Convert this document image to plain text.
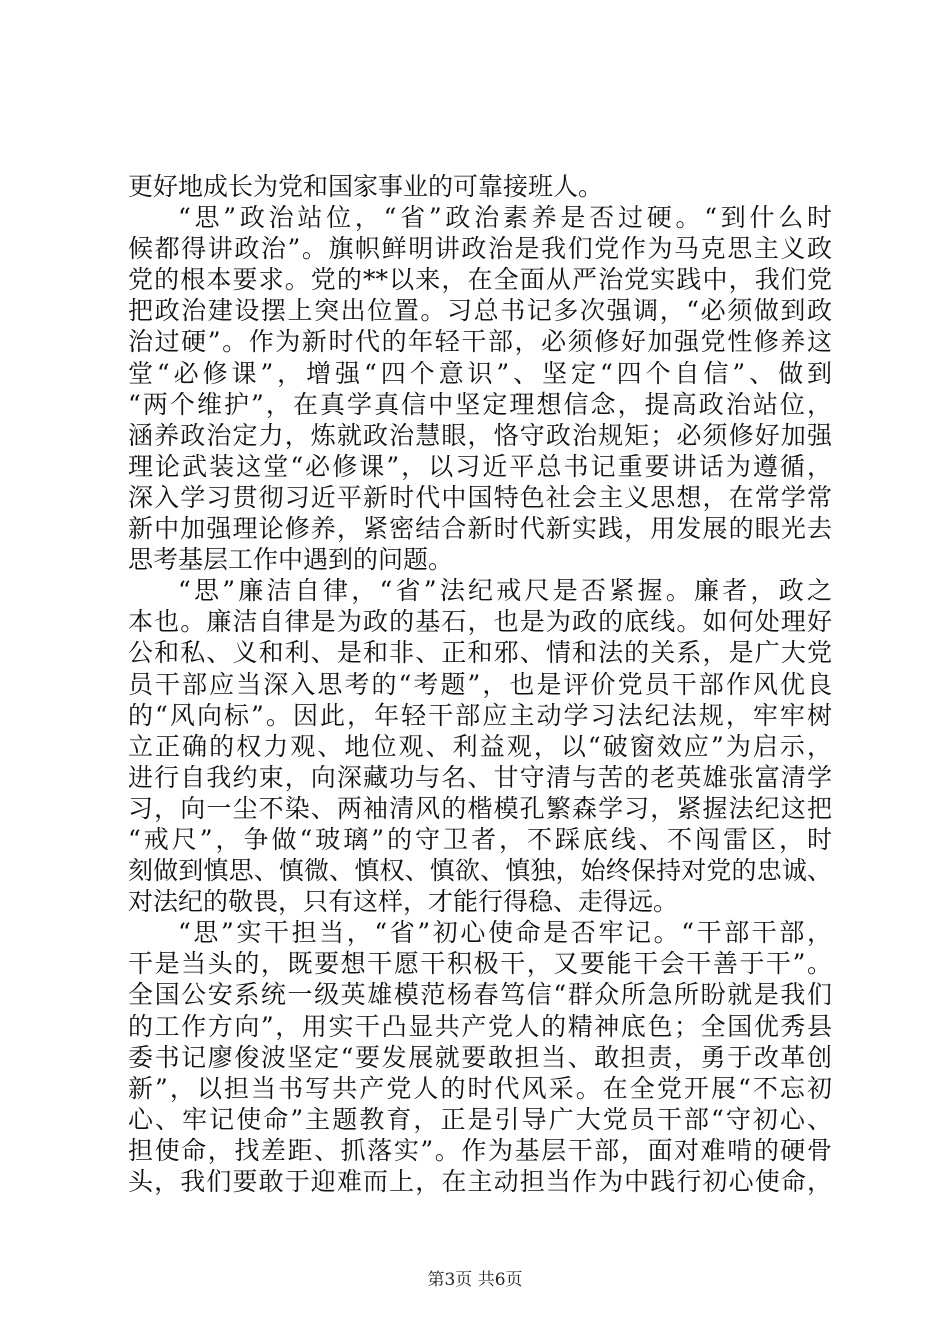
更好地成长为党和国家事业的可靠接班人。
“思”政治站位，“省”政治素养是否过硬。“到什么时
候都得讲政治”。旗帜鲜明讲政治是我们党作为马克思主义政
党的根本要求。党的**以来，在全面从严治党实践中，我们党
把政治建设摆上突出位置。习总书记多次强调，“必须做到政
治过硬”。作为新时代的年轻干部，必须修好加强党性修养这
堂“必修课”，增强“四个意识”、坚定“四个自信”、做到
“两个维护”，在真学真信中坚定理想信念，提高政治站位，
涵养政治定力，炼就政治慧眼，恪守政治规矩；必须修好加强
理论武装这堂“必修课”，以习近平总书记重要讲话为遵循，
深入学习贯彻习近平新时代中国特色社会主义思想，在常学常
新中加强理论修养，紧密结合新时代新实践，用发展的眼光去
思考基层工作中遇到的问题。
“思”廉洁自律，“省”法纪戒尺是否紧握。廉者，政之
本也。廉洁自律是为政的基石，也是为政的底线。如何处理好
公和私、义和利、是和非、正和邪、情和法的关系，是广大党
员干部应当深入思考的“考题”，也是评价党员干部作风优良
的“风向标”。因此，年轻干部应主动学习法纪法规，牢牢树
立正确的权力观、地位观、利益观，以“破窗效应”为启示，
进行自我约束，向深藏功与名、甘守清与苦的老英雄张富清学
习，向一尘不染、两袖清风的楷模孔繁森学习，紧握法纪这把
“戒尺”，争做“玻璃”的守卫者，不踩底线、不闯雷区，时
刻做到慎思、慎微、慎权、慎欲、慎独，始终保持对党的忠诚、
对法纪的敬畏，只有这样，才能行得稳、走得远。
“思”实干担当，“省”初心使命是否牢记。“干部干部，
干是当头的，既要想干愿干积极干，又要能干会干善于干”。
全国公安系统一级英雄模范杨春笃信“群众所急所盼就是我们
的工作方向”，用实干凸显共产党人的精神底色；全国优秀县
委书记廖俊波坚定“要发展就要敢担当、敢担责，勇于改革创
新”，以担当书写共产党人的时代风采。在全党开展“不忘初
心、牢记使命”主题教育，正是引导广大党员干部“守初心、
担使命，找差距、抓落实”。作为基层干部，面对难啃的硬骨
头，我们要敢于迎难而上，在主动担当作为中践行初心使命，
第3页 共6页
